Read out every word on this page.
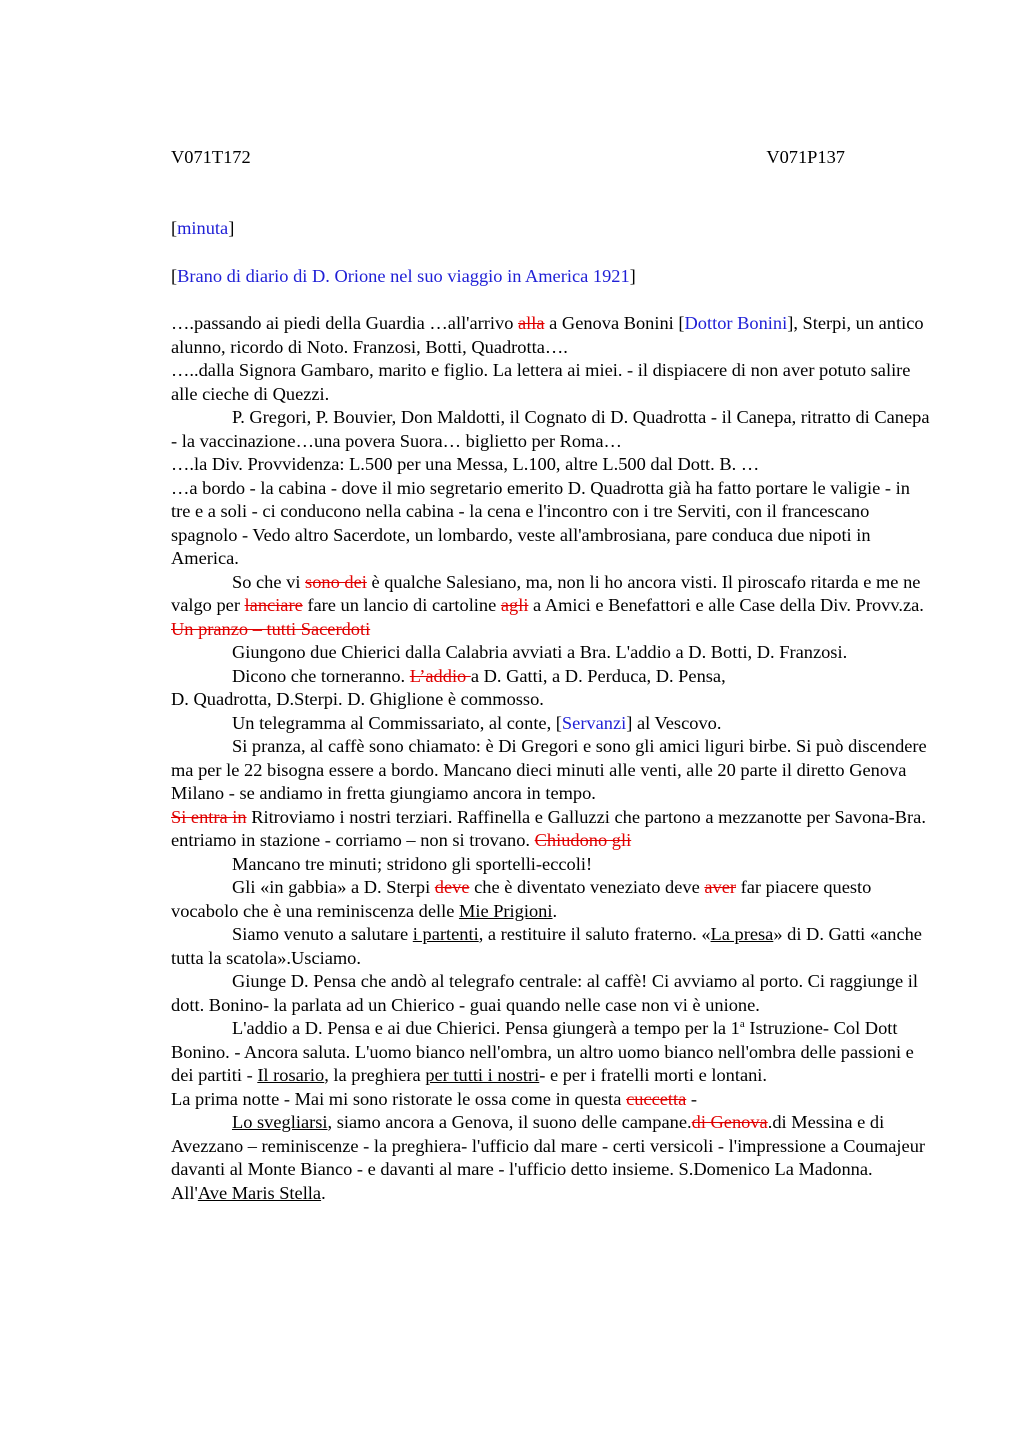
V071T172	V071P137
[minuta]
[Brano di diario di D. Orione nel suo viaggio in America 1921]

….passando ai piedi della Guardia …all'arrivo alla a Genova Bonini [Dottor Bonini], Sterpi, un antico alunno, ricordo di Noto. Franzosi, Botti, Quadrotta….

…..dalla Signora Gambaro, marito e figlio. La lettera ai miei. - il dispiacere di non aver potuto salire alle cieche di Quezzi.

P. Gregori, P. Bouvier, Don Maldotti, il Cognato di D. Quadrotta - il Canepa, ritratto di Canepa - la vaccinazione…una povera Suora… biglietto per Roma…

….la Div. Provvidenza: L.500 per una Messa, L.100, altre L.500 dal Dott. B. …

…a bordo - la cabina - dove il mio segretario emerito D. Quadrotta già ha fatto portare le valigie - in tre e a soli - ci conducono nella cabina - la cena e l'incontro con i tre Serviti, con il francescano spagnolo - Vedo altro Sacerdote, un lombardo, veste all'ambrosiana, pare conduca due nipoti in America.

So che vi sono dei è qualche Salesiano, ma, non li ho ancora visti. Il piroscafo ritarda e me ne valgo per lanciare fare un lancio di cartoline agli a Amici e Benefattori e alle Case della Div. Provv.za. Un pranzo – tutti Sacerdoti

Giungono due Chierici dalla Calabria avviati a Bra. L'addio a D. Botti, D. Franzosi.

Dicono che torneranno. L’addio a D. Gatti, a D. Perduca, D. Pensa,

D. Quadrotta, D.Sterpi. D. Ghiglione è commosso.

Un telegramma al Commissariato, al conte, [Servanzi] al Vescovo.

Si pranza, al caffè sono chiamato: è Di Gregori e sono gli amici liguri birbe. Si può discendere ma per le 22 bisogna essere a bordo. Mancano dieci minuti alle venti, alle 20 parte il diretto Genova Milano - se andiamo in fretta giungiamo ancora in tempo.

Si entra in Ritroviamo i nostri terziari. Raffinella e Galluzzi che partono a mezzanotte per Savona-Bra. entriamo in stazione - corriamo – non si trovano. Chiudono gli

Mancano tre minuti; stridono gli sportelli-eccoli!

Gli «in gabbia» a D. Sterpi deve che è diventato veneziato deve aver far piacere questo vocabolo che è una reminiscenza delle Mie Prigioni.

Siamo venuto a salutare i partenti, a restituire il saluto fraterno. «La presa» di D. Gatti «anche tutta la scatola».Usciamo.

Giunge D. Pensa che andò al telegrafo centrale: al caffè! Ci avviamo al porto. Ci raggiunge il dott. Bonino- la parlata ad un Chierico - guai quando nelle case non vi è unione.

L'addio a D. Pensa e ai due Chierici. Pensa giungerà a tempo per la 1$^a$ Istruzione- Col Dott Bonino. - Ancora saluta. L'uomo bianco nell'ombra, un altro uomo bianco nell'ombra delle passioni e dei partiti - Il rosario, la preghiera per tutti i nostri- e per i fratelli morti e lontani.

La prima notte - Mai mi sono ristorate le ossa come in questa cuccetta -

Lo svegliarsi, siamo ancora a Genova, il suono delle campane.di Genova.di Messina e di Avezzano – reminiscenze - la preghiera- l'ufficio dal mare - certi versicoli - l'impressione a Coumajeur davanti al Monte Bianco - e davanti al mare - l'ufficio detto insieme. S.Domenico La Madonna. All'Ave Maris Stella.
